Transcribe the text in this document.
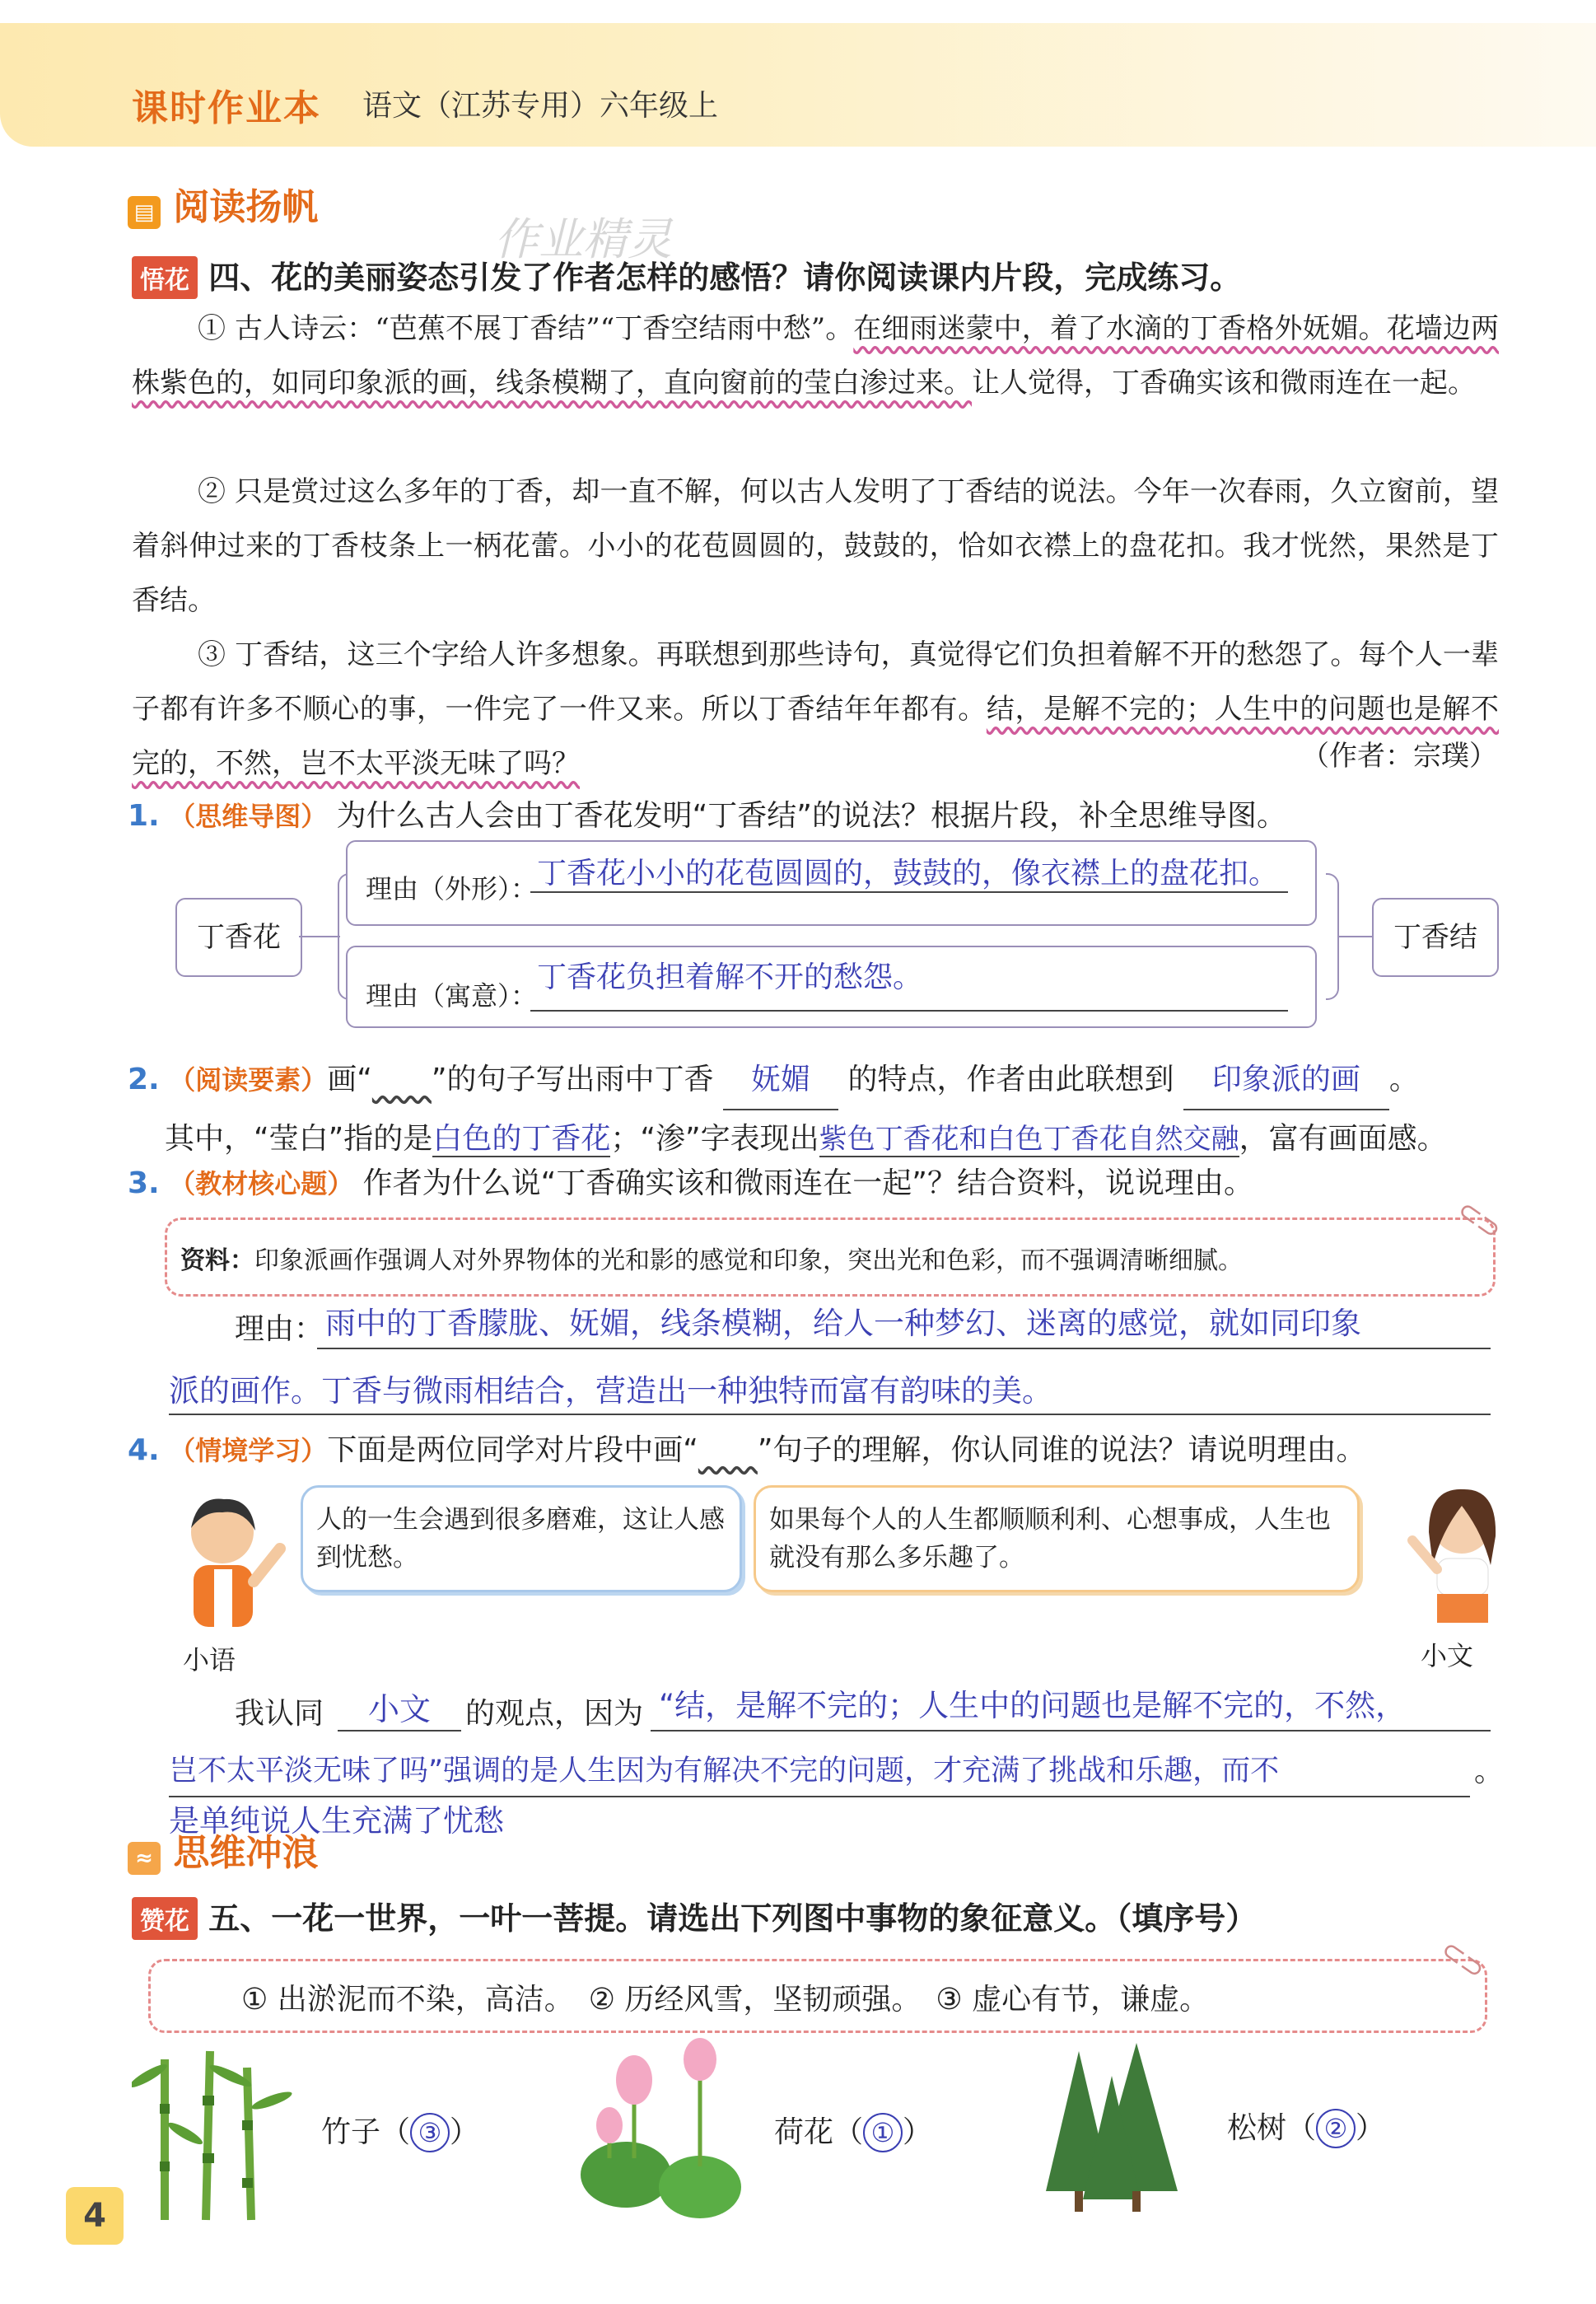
课时作业本 语文（江苏专用）六年级上
▤ 阅读扬帆
作业精灵
悟花 四、花的美丽姿态引发了作者怎样的感悟？请你阅读课内片段，完成练习。
① 古人诗云：“芭蕉不展丁香结”“丁香空结雨中愁”。在细雨迷蒙中，着了水滴的丁香格外妩媚。花墙边两株紫色的，如同印象派的画，线条模糊了，直向窗前的莹白渗过来。让人觉得，丁香确实该和微雨连在一起。
② 只是赏过这么多年的丁香，却一直不解，何以古人发明了丁香结的说法。今年一次春雨，久立窗前，望着斜伸过来的丁香枝条上一柄花蕾。小小的花苞圆圆的，鼓鼓的，恰如衣襟上的盘花扣。我才恍然，果然是丁香结。
③ 丁香结，这三个字给人许多想象。再联想到那些诗句，真觉得它们负担着解不开的愁怨了。每个人一辈子都有许多不顺心的事，一件完了一件又来。所以丁香结年年都有。结，是解不完的；人生中的问题也是解不完的，不然，岂不太平淡无味了吗？	（作者：宗璞）
1. （思维导图） 为什么古人会由丁香花发明“丁香结”的说法？根据片段，补全思维导图。
丁香花
理由（外形）： 丁香花小小的花苞圆圆的，鼓鼓的，像衣襟上的盘花扣。
理由（寓意）：
丁香花负担着解不开的愁怨。
丁香结
2. （阅读要素）画“　　 ”的句子写出雨中丁香 妩媚 的特点，作者由此联想到 印象派的画 。
其中，“莹白”指的是白色的丁香花；“渗”字表现出紫色丁香花和白色丁香花自然交融，富有画面感。
3. （教材核心题） 作者为什么说“丁香确实该和微雨连在一起”？结合资料，说说理由。
资料：印象派画作强调人对外界物体的光和影的感觉和印象，突出光和色彩，而不强调清晰细腻。
⊂⊃
理由： 雨中的丁香朦胧、妩媚，线条模糊，给人一种梦幻、迷离的感觉，就如同印象
派的画作。丁香与微雨相结合，营造出一种独特而富有韵味的美。
4. （情境学习）下面是两位同学对片段中画“　　 ”句子的理解，你认同谁的说法？请说明理由。
小语
人的一生会遇到很多磨难，这让人感到忧愁。
如果每个人的人生都顺顺利利、心想事成，人生也就没有那么多乐趣了。
小文
我认同	小文	的观点，因为 “结，是解不完的；人生中的问题也是解不完的，不然，
岂不太平淡无味了吗”强调的是人生因为有解决不完的问题，才充满了挑战和乐趣，而不	。
是单纯说人生充满了忧愁
≈ 思维冲浪
赞花 五、一花一世界，一叶一菩提。请选出下列图中事物的象征意义。（填序号）
① 出淤泥而不染，高洁。　② 历经风雪，坚韧顽强。　③ 虚心有节，谦虚。
⊂⊃
竹子（ ③ ）	荷花（ ① ）	松树（ ② ）
4
